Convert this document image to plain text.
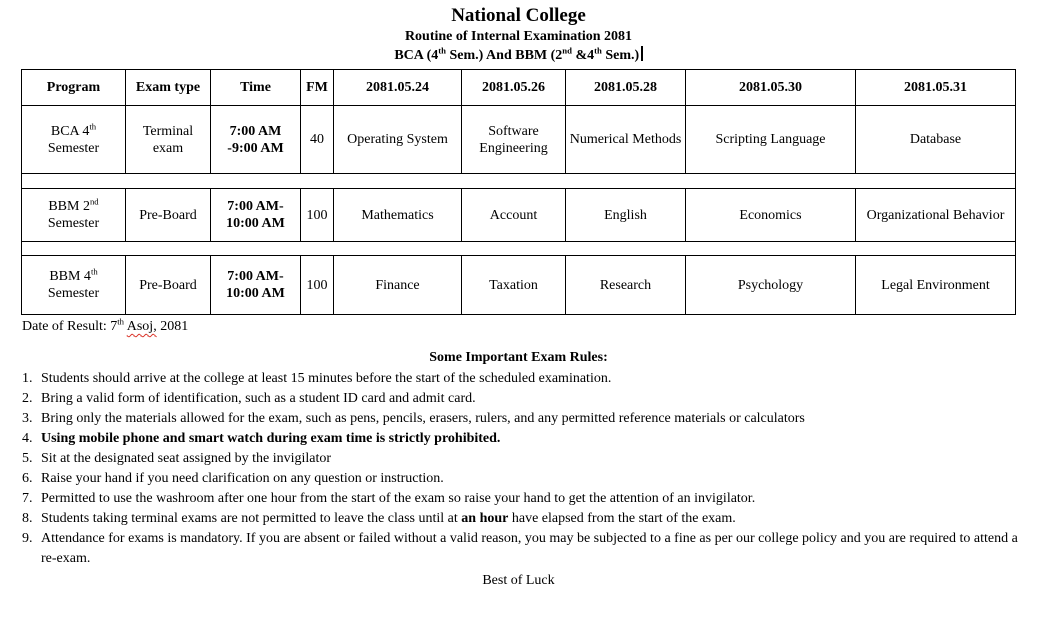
National College
Routine of Internal Examination 2081
BCA (4th Sem.) And BBM (2nd &4th Sem.)
Program	Exam type	Time	FM	2081.05.24	2081.05.26	2081.05.28	2081.05.30	2081.05.31
BCA 4th Semester	Terminal exam	7:00 AM -9:00 AM	40	Operating System	Software Engineering	Numerical Methods	Scripting Language	Database

BBM 2nd Semester	Pre-Board	7:00 AM- 10:00 AM	100	Mathematics	Account	English	Economics	Organizational Behavior

BBM 4th Semester	Pre-Board	7:00 AM- 10:00 AM	100	Finance	Taxation	Research	Psychology	Legal Environment
Date of Result: 7th Asoj, 2081
Some Important Exam Rules:
1. Students should arrive at the college at least 15 minutes before the start of the scheduled examination.
2. Bring a valid form of identification, such as a student ID card and admit card.
3. Bring only the materials allowed for the exam, such as pens, pencils, erasers, rulers, and any permitted reference materials or calculators
4. Using mobile phone and smart watch during exam time is strictly prohibited.
5. Sit at the designated seat assigned by the invigilator
6. Raise your hand if you need clarification on any question or instruction.
7. Permitted to use the washroom after one hour from the start of the exam so raise your hand to get the attention of an invigilator.
8. Students taking terminal exams are not permitted to leave the class until at an hour have elapsed from the start of the exam.
9. Attendance for exams is mandatory. If you are absent or failed without a valid reason, you may be subjected to a fine as per our college policy and you are required to attend a re-exam.
Best of Luck
